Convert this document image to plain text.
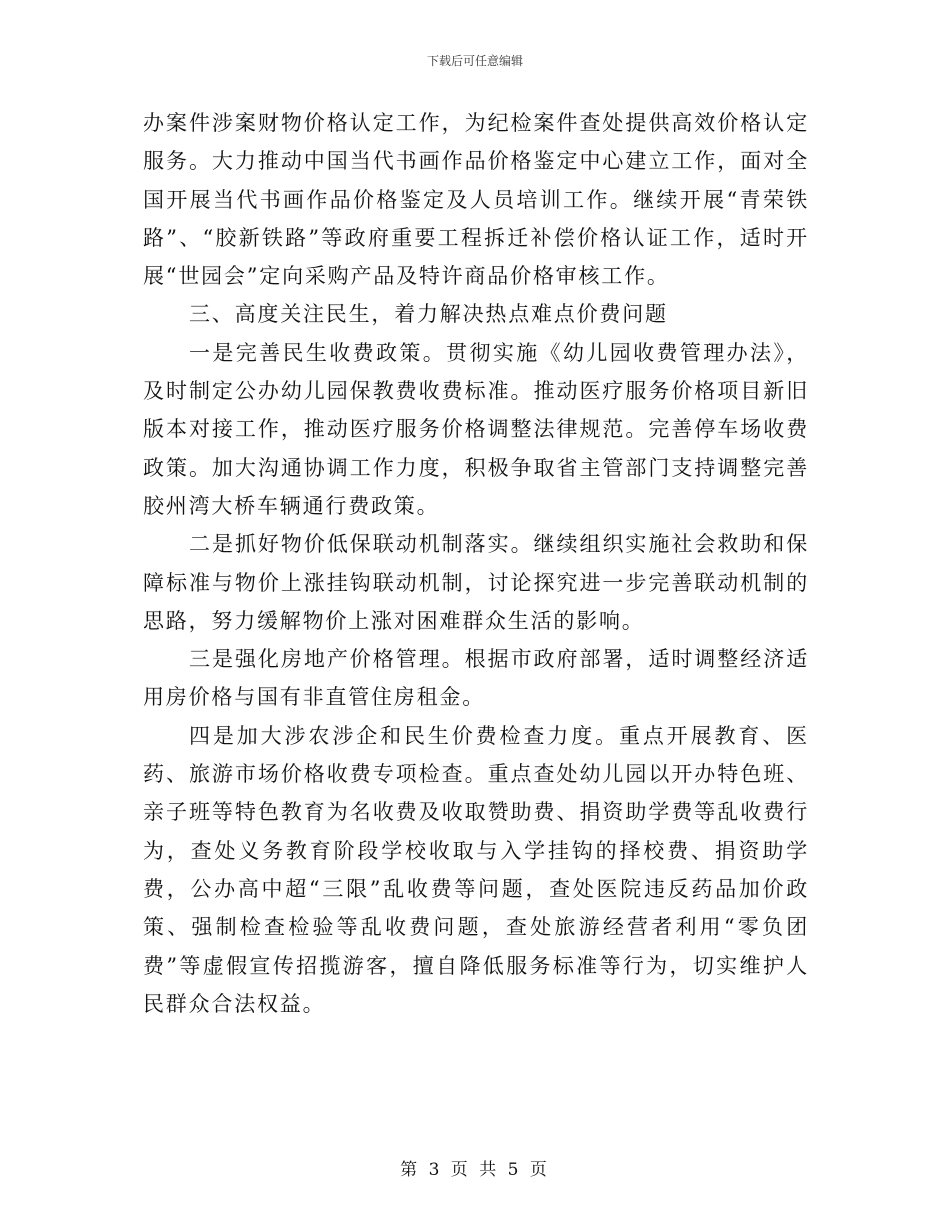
下载后可任意编辑

办案件涉案财物价格认定工作，为纪检案件查处提供高效价格认定服务。大力推动中国当代书画作品价格鉴定中心建立工作，面对全国开展当代书画作品价格鉴定及人员培训工作。继续开展“青荣铁路”、“胶新铁路”等政府重要工程拆迁补偿价格认证工作，适时开展“世园会”定向采购产品及特许商品价格审核工作。

三、高度关注民生，着力解决热点难点价费问题

一是完善民生收费政策。贯彻实施《幼儿园收费管理办法》，及时制定公办幼儿园保教费收费标准。推动医疗服务价格项目新旧版本对接工作，推动医疗服务价格调整法律规范。完善停车场收费政策。加大沟通协调工作力度，积极争取省主管部门支持调整完善胶州湾大桥车辆通行费政策。

二是抓好物价低保联动机制落实。继续组织实施社会救助和保障标准与物价上涨挂钩联动机制，讨论探究进一步完善联动机制的思路，努力缓解物价上涨对困难群众生活的影响。

三是强化房地产价格管理。根据市政府部署，适时调整经济适用房价格与国有非直管住房租金。

四是加大涉农涉企和民生价费检查力度。重点开展教育、医药、旅游市场价格收费专项检查。重点查处幼儿园以开办特色班、亲子班等特色教育为名收费及收取赞助费、捐资助学费等乱收费行为，查处义务教育阶段学校收取与入学挂钩的择校费、捐资助学费，公办高中超“三限”乱收费等问题，查处医院违反药品加价政策、强制检查检验等乱收费问题，查处旅游经营者利用“零负团费”等虚假宣传招揽游客，擅自降低服务标准等行为，切实维护人民群众合法权益。

第 3 页 共 5 页
